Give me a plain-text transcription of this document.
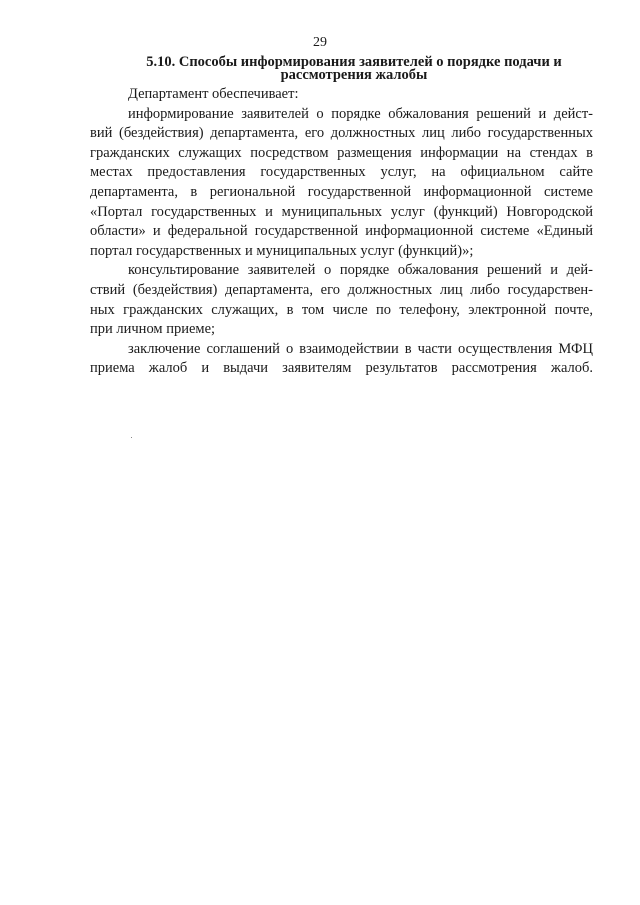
29
5.10. Способы информирования заявителей о порядке подачи и
рассмотрения жалобы
Департамент обеспечивает:
информирование заявителей о порядке обжалования решений и дейст-
вий (бездействия) департамента, его должностных лиц либо государственных
гражданских служащих посредством размещения информации на стендах в
местах предоставления государственных услуг, на официальном сайте
департамента, в региональной государственной информационной системе
«Портал государственных и муниципальных услуг (функций) Новгородской
области» и федеральной государственной информационной системе «Единый
портал государственных и муниципальных услуг (функций)»;
консультирование заявителей о порядке обжалования решений и дей-
ствий (бездействия) департамента, его должностных лиц либо государствен-
ных гражданских служащих, в том числе по телефону, электронной почте,
при личном приеме;
заключение соглашений о взаимодействии в части осуществления МФЦ
приема жалоб и выдачи заявителям результатов рассмотрения жалоб.
